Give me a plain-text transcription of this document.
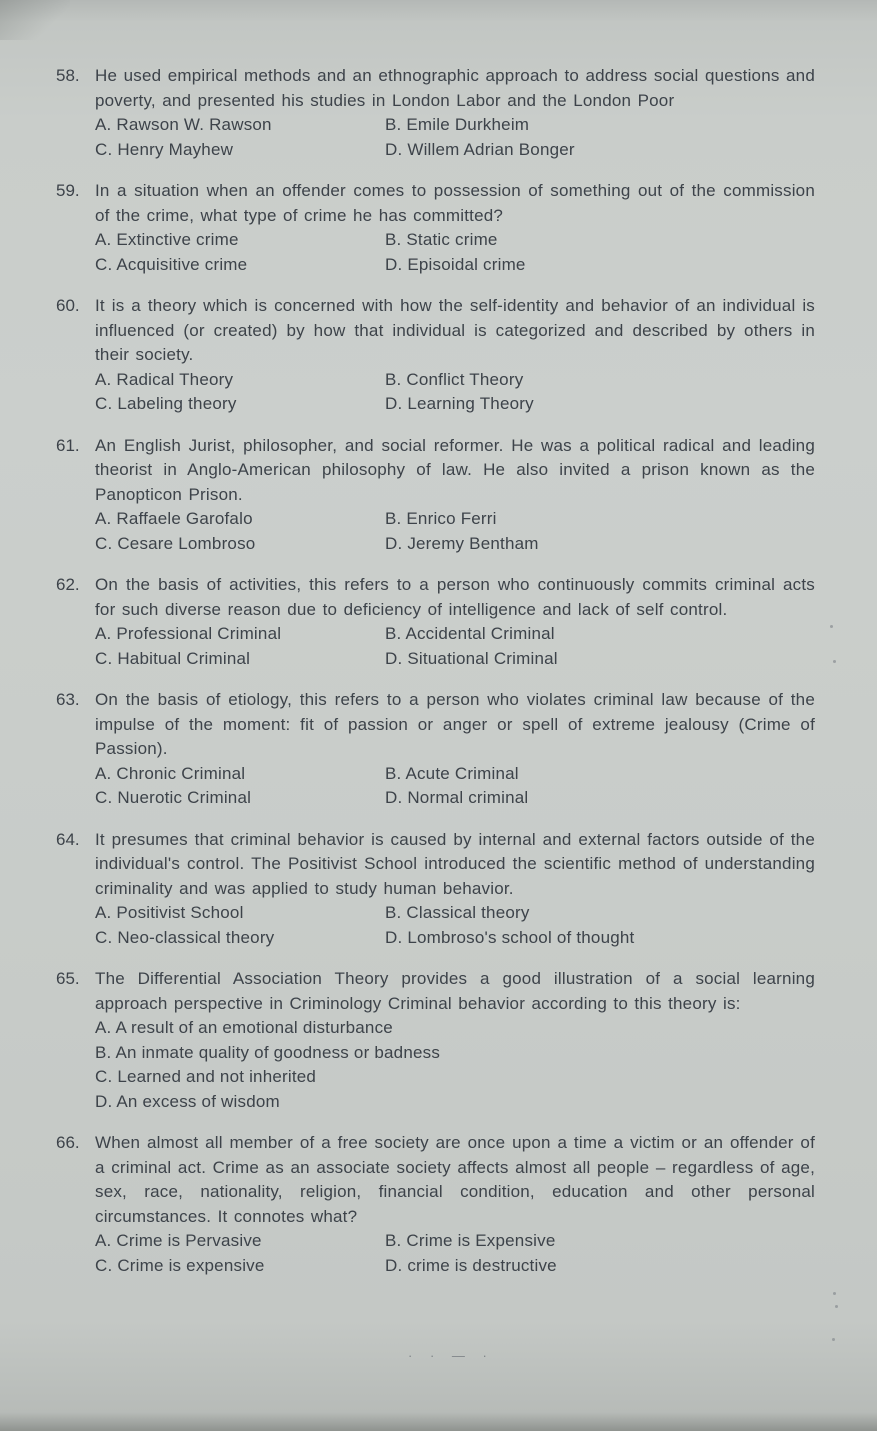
58. He used empirical methods and an ethnographic approach to address social questions and poverty, and presented his studies in London Labor and the London Poor
A. Rawson W. Rawson	B. Emile Durkheim
C. Henry Mayhew	D. Willem Adrian Bonger
59. In a situation when an offender comes to possession of something out of the commission of the crime, what type of crime he has committed?
A. Extinctive crime	B. Static crime
C. Acquisitive crime	D. Episoidal crime
60. It is a theory which is concerned with how the self-identity and behavior of an individual is influenced (or created) by how that individual is categorized and described by others in their society.
A. Radical Theory	B. Conflict Theory
C. Labeling theory	D. Learning Theory
61. An English Jurist, philosopher, and social reformer. He was a political radical and leading theorist in Anglo-American philosophy of law. He also invited a prison known as the Panopticon Prison.
A. Raffaele Garofalo	B. Enrico Ferri
C. Cesare Lombroso	D. Jeremy Bentham
62. On the basis of activities, this refers to a person who continuously commits criminal acts for such diverse reason due to deficiency of intelligence and lack of self control.
A. Professional Criminal	B. Accidental Criminal
C. Habitual Criminal	D. Situational Criminal
63. On the basis of etiology, this refers to a person who violates criminal law because of the impulse of the moment: fit of passion or anger or spell of extreme jealousy (Crime of Passion).
A. Chronic Criminal	B. Acute Criminal
C. Nuerotic Criminal	D. Normal criminal
64. It presumes that criminal behavior is caused by internal and external factors outside of the individual's control. The Positivist School introduced the scientific method of understanding criminality and was applied to study human behavior.
A. Positivist School	B. Classical theory
C. Neo-classical theory	D. Lombroso's school of thought
65. The Differential Association Theory provides a good illustration of a social learning approach perspective in Criminology Criminal behavior according to this theory is:
A. A result of an emotional disturbance
B. An inmate quality of goodness or badness
C. Learned and not inherited
D. An excess of wisdom
66. When almost all member of a free society are once upon a time a victim or an offender of a criminal act. Crime as an associate society affects almost all people – regardless of age, sex, race, nationality, religion, financial condition, education and other personal circumstances. It connotes what?
A. Crime is Pervasive	B. Crime is Expensive
C. Crime is expensive	D. crime is destructive
· · — ·
